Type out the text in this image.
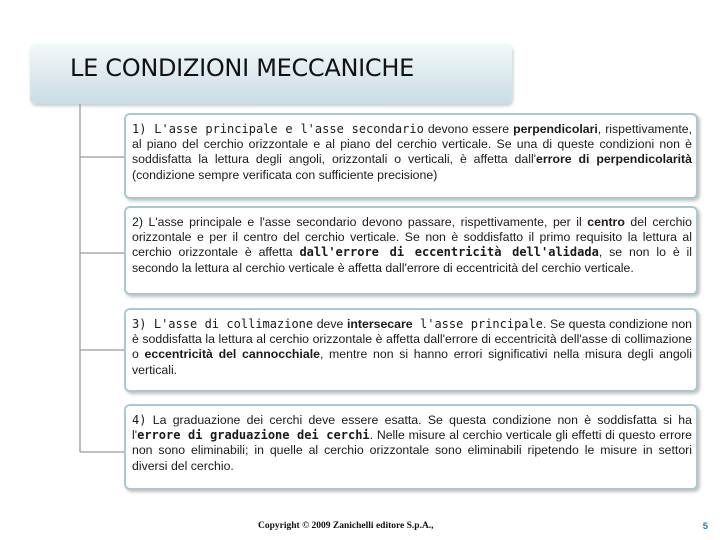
LE CONDIZIONI MECCANICHE
1) L'asse principale e l'asse secondario devono essere perpendicolari, rispettivamente, al piano del cerchio orizzontale e al piano del cerchio verticale. Se una di queste condizioni non è soddisfatta la lettura degli angoli, orizzontali o verticali, è affetta dall'errore di perpendicolarità (condizione sempre verificata con sufficiente precisione)
2) L'asse principale e l'asse secondario devono passare, rispettivamente, per il centro del cerchio orizzontale e per il centro del cerchio verticale. Se non è soddisfatto il primo requisito la lettura al cerchio orizzontale è affetta dall'errore di eccentricità dell'alidada, se non lo è il secondo la lettura al cerchio verticale è affetta dall'errore di eccentricità del cerchio verticale.
3) L'asse di collimazione deve intersecare l'asse principale. Se questa condizione non è soddisfatta la lettura al cerchio orizzontale è affetta dall'errore di eccentricità dell'asse di collimazione o eccentricità del cannocchiale, mentre non si hanno errori significativi nella misura degli angoli verticali.
4) La graduazione dei cerchi deve essere esatta. Se questa condizione non è soddisfatta si ha l'errore di graduazione dei cerchi. Nelle misure al cerchio verticale gli effetti di questo errore non sono eliminabili; in quelle al cerchio orizzontale sono eliminabili ripetendo le misure in settori diversi del cerchio.
Copyright © 2009 Zanichelli editore S.p.A.,	5
